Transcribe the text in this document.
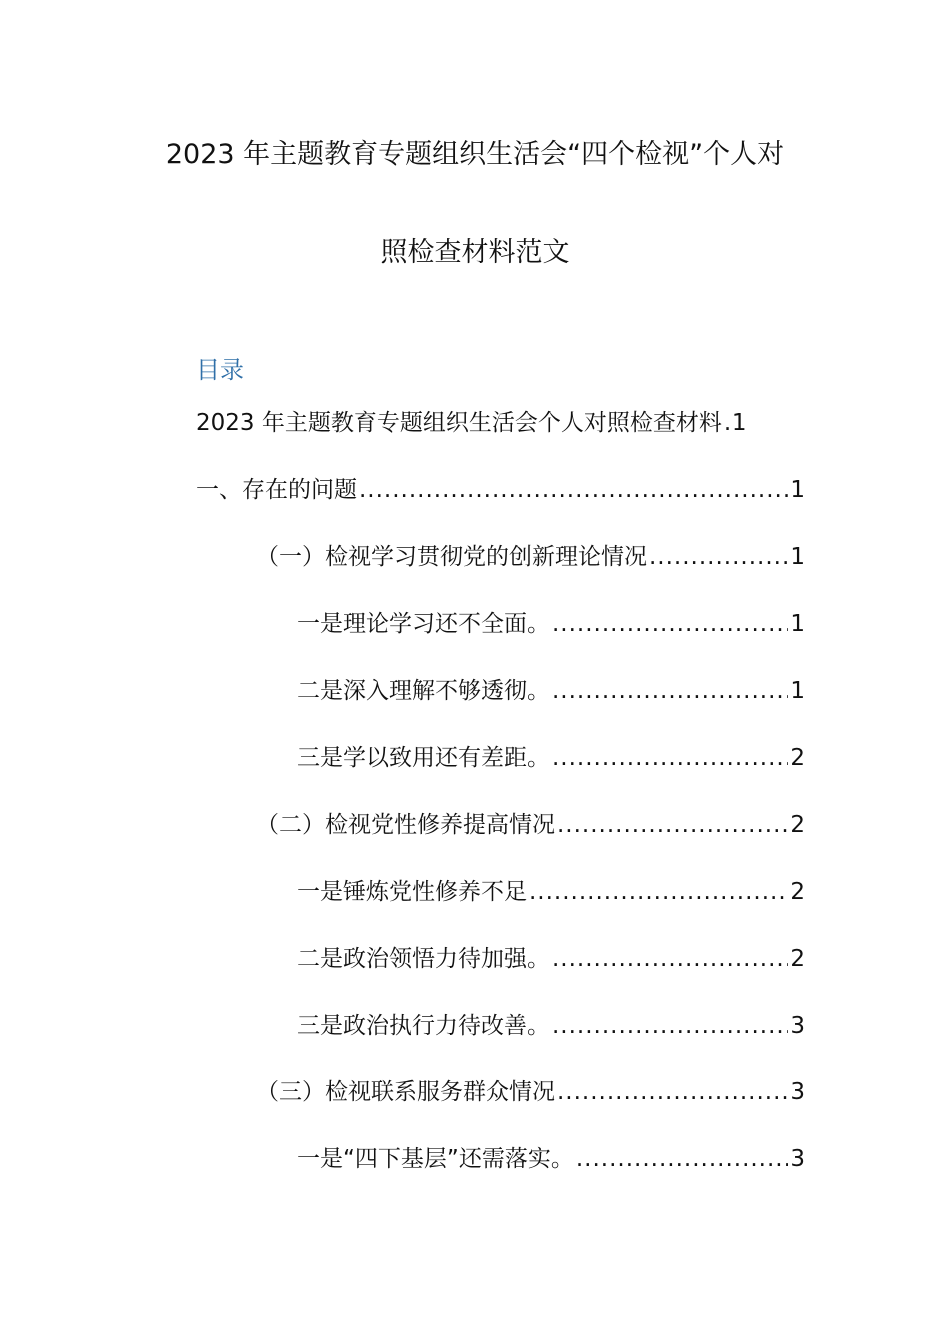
2023 年主题教育专题组织生活会“四个检视”个人对
照检查材料范文
目录
2023 年主题教育专题组织生活会个人对照检查材料 ..... 1
一、存在的问题 .....	1
（一）检视学习贯彻党的创新理论情况 .....	1
一是理论学习还不全面。 .....	1
二是深入理解不够透彻。 .....	1
三是学以致用还有差距。 .....	2
（二）检视党性修养提高情况 .....	2
一是锤炼党性修养不足 .....	2
二是政治领悟力待加强。 .....	2
三是政治执行力待改善。 .....	3
（三）检视联系服务群众情况 .....	3
一是“四下基层”还需落实。 .....	3
